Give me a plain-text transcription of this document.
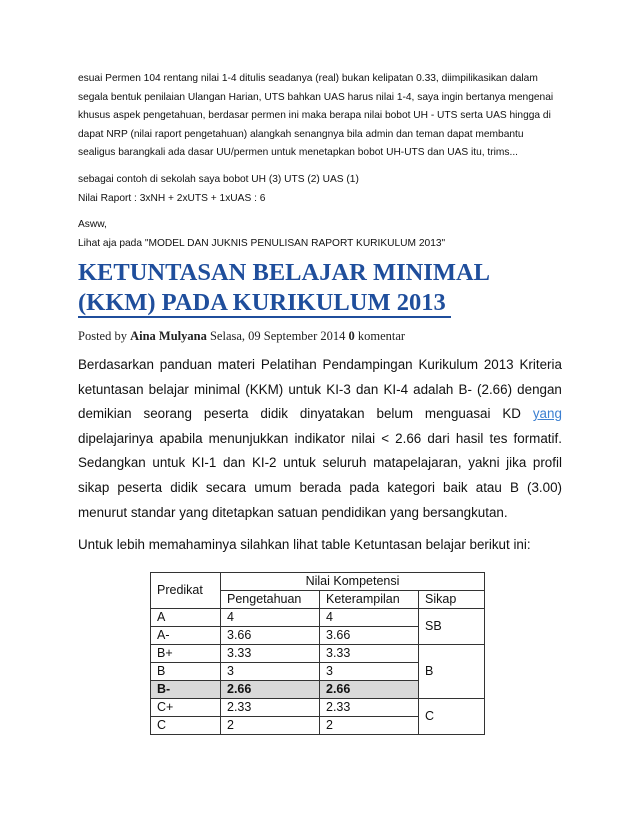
esuai Permen 104 rentang nilai 1-4 ditulis seadanya (real) bukan kelipatan 0.33, diimpilikasikan dalam

segala bentuk penilaian Ulangan Harian, UTS bahkan UAS harus nilai 1-4, saya ingin bertanya mengenai

khusus aspek pengetahuan, berdasar permen ini maka berapa nilai bobot UH - UTS serta UAS hingga di

dapat NRP (nilai raport pengetahuan) alangkah senangnya bila admin dan teman dapat membantu

sealigus barangkali ada dasar UU/permen untuk menetapkan bobot UH-UTS dan UAS itu, trims...

sebagai contoh di sekolah saya bobot UH (3) UTS (2) UAS (1)

Nilai Raport : 3xNH + 2xUTS + 1xUAS : 6

Asww,

Lihat aja pada "MODEL DAN JUKNIS PENULISAN RAPORT KURIKULUM 2013"

KETUNTASAN BELAJAR MINIMAL
(KKM) PADA KURIKULUM 2013
Posted by Aina Mulyana Selasa, 09 September 2014 0 komentar
Berdasarkan panduan materi Pelatihan Pendampingan Kurikulum 2013 Kriteria
ketuntasan belajar minimal (KKM) untuk KI-3 dan KI-4 adalah B- (2.66) dengan
demikian seorang peserta didik dinyatakan belum menguasai KD yang
dipelajarinya apabila menunjukkan indikator nilai < 2.66 dari hasil tes formatif.
Sedangkan untuk KI-1 dan KI-2 untuk seluruh matapelajaran, yakni jika profil
sikap peserta didik secara umum berada pada kategori baik atau B (3.00)
menurut standar yang ditetapkan satuan pendidikan yang bersangkutan.
Untuk lebih memahaminya silahkan lihat table Ketuntasan belajar berikut ini:
Predikat	Nilai Kompetensi		
	Pengetahuan	Keterampilan	Sikap
A	4	4	SB
A-	3.66	3.66	
B+	3.33	3.33	B
B	3	3	
B-	2.66	2.66	
C+	2.33	2.33	C
C	2	2	
